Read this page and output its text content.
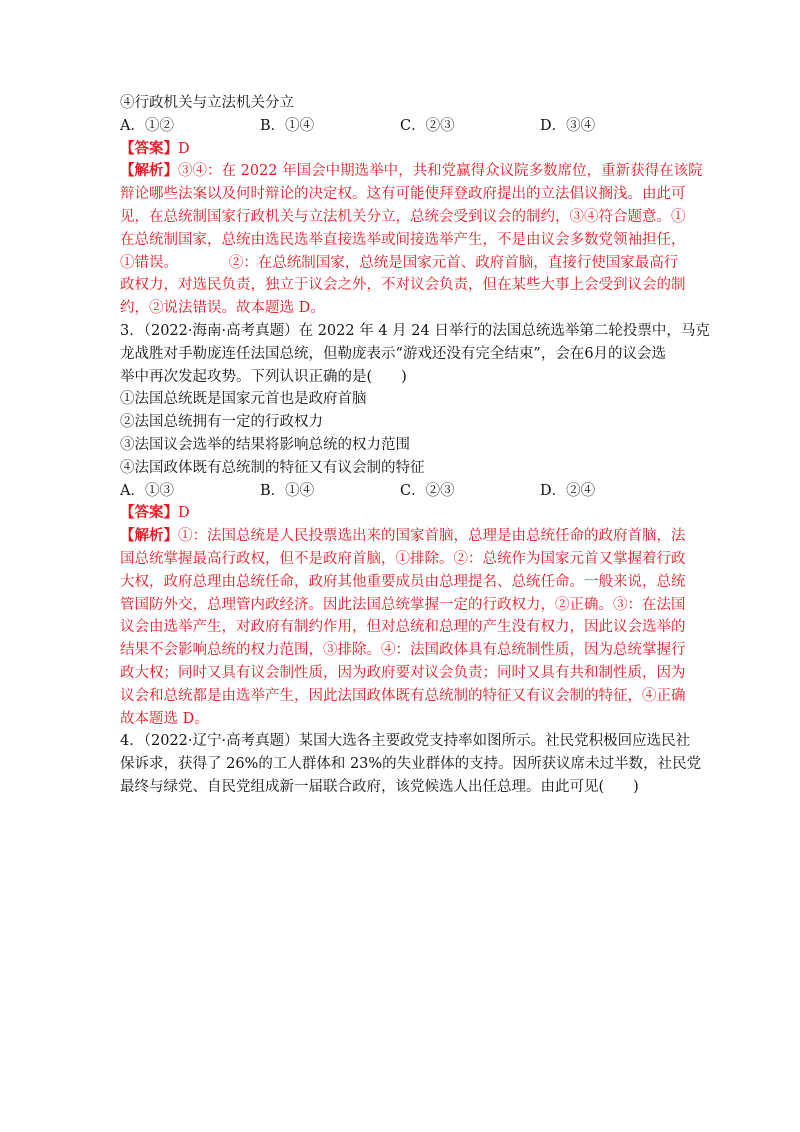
④行政机关与立法机关分立
A．①②	B．①④	C．②③	D．③④
【答案】D
【解析】③④：在 2022 年国会中期选举中，共和党赢得众议院多数席位，重新获得在该院
辩论哪些法案以及何时辩论的决定权。这有可能使拜登政府提出的立法倡议搁浅。由此可
见，在总统制国家行政机关与立法机关分立，总统会受到议会的制约，③④符合题意。①
在总统制国家，总统由选民选举直接选举或间接选举产生，不是由议会多数党领袖担任，
①错误。　　　　②：在总统制国家，总统是国家元首、政府首脑，直接行使国家最高行
政权力，对选民负责，独立于议会之外，不对议会负责，但在某些大事上会受到议会的制
约，②说法错误。故本题选 D。
3．（2022·海南·高考真题）在 2022 年 4 月 24 日举行的法国总统选举第二轮投票中，马克
龙战胜对手勒庞连任法国总统，但勒庞表示“游戏还没有完全结束”，会在6月的议会选
举中再次发起攻势。下列认识正确的是(　　)
①法国总统既是国家元首也是政府首脑
②法国总统拥有一定的行政权力
③法国议会选举的结果将影响总统的权力范围
④法国政体既有总统制的特征又有议会制的特征
A．①③	B．①④	C．②③	D．②④
【答案】D
【解析】①：法国总统是人民投票选出来的国家首脑，总理是由总统任命的政府首脑，法
国总统掌握最高行政权，但不是政府首脑，①排除。②：总统作为国家元首又掌握着行政
大权，政府总理由总统任命，政府其他重要成员由总理提名、总统任命。一般来说，总统
管国防外交，总理管内政经济。因此法国总统掌握一定的行政权力，②正确。③：在法国
议会由选举产生，对政府有制约作用，但对总统和总理的产生没有权力，因此议会选举的
结果不会影响总统的权力范围，③排除。④：法国政体具有总统制性质，因为总统掌握行
政大权；同时又具有议会制性质，因为政府要对议会负责；同时又具有共和制性质，因为
议会和总统都是由选举产生，因此法国政体既有总统制的特征又有议会制的特征，④正确
故本题选 D。
4．（2022·辽宁·高考真题）某国大选各主要政党支持率如图所示。社民党积极回应选民社
保诉求，获得了 26%的工人群体和 23%的失业群体的支持。因所获议席未过半数，社民党
最终与绿党、自民党组成新一届联合政府，该党候选人出任总理。由此可见(　　)
